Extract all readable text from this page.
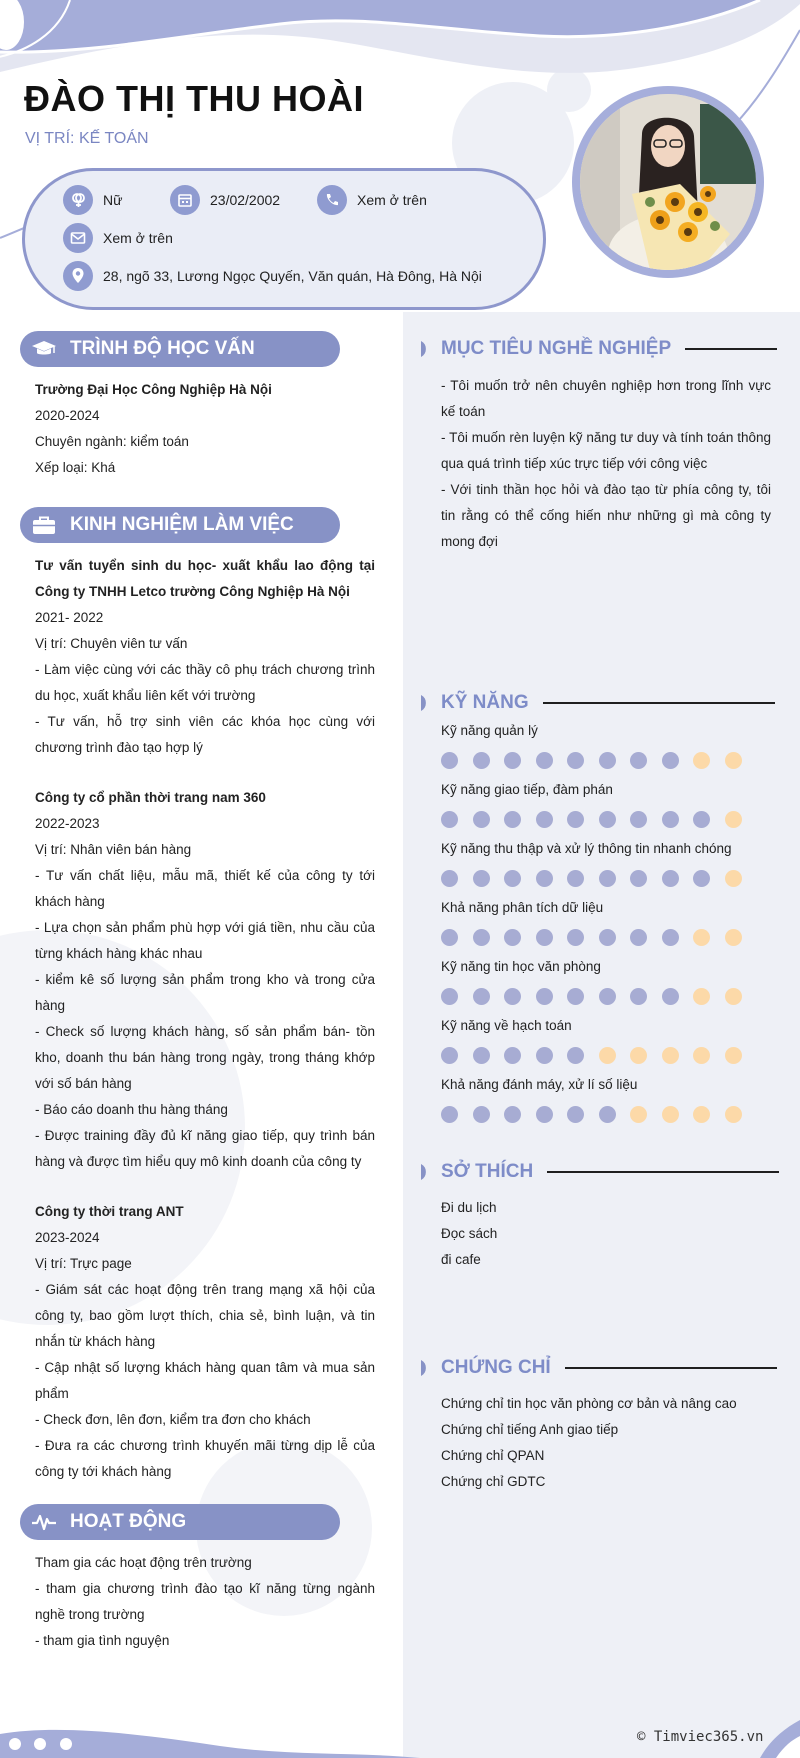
ĐÀO THỊ THU HOÀI
VỊ TRÍ: KẾ TOÁN
Nữ	23/02/2002	Xem ở trên
Xem ở trên
28, ngõ 33, Lương Ngọc Quyến, Văn quán, Hà Đông, Hà Nội
TRÌNH ĐỘ HỌC VẤN

Trường Đại Học Công Nghiệp Hà Nội

2020-2024

Chuyên ngành: kiểm toán

Xếp loại: Khá

KINH NGHIỆM LÀM VIỆC

Tư vấn tuyển sinh du học- xuất khẩu lao động tại Công ty TNHH Letco trường Công Nghiệp Hà Nội

2021- 2022

Vị trí: Chuyên viên tư vấn

- Làm việc cùng với các thầy cô phụ trách chương trình du học, xuất khẩu liên kết với trường

- Tư vấn, hỗ trợ sinh viên các khóa học cùng với chương trình đào tạo hợp lý

Công ty cổ phần thời trang nam 360

2022-2023

Vị trí: Nhân viên bán hàng

- Tư vấn chất liệu, mẫu mã, thiết kế của công ty tới khách hàng

- Lựa chọn sản phẩm phù hợp với giá tiền, nhu cầu của từng khách hàng khác nhau

- kiểm kê số lượng sản phẩm trong kho và trong cửa hàng

- Check số lượng khách hàng, số sản phẩm bán- tồn kho, doanh thu bán hàng trong ngày, trong tháng khớp với số bán hàng

- Báo cáo doanh thu hàng tháng

- Được training đầy đủ kĩ năng giao tiếp, quy trình bán hàng và được tìm hiểu quy mô kinh doanh của công ty

Công ty thời trang ANT

2023-2024

Vị trí: Trực page

- Giám sát các hoạt động trên trang mạng xã hội của công ty, bao gồm lượt thích, chia sẻ, bình luận, và tin nhắn từ khách hàng

- Cập nhật số lượng khách hàng quan tâm và mua sản phẩm

- Check đơn, lên đơn, kiểm tra đơn cho khách

- Đưa ra các chương trình khuyến mãi từng dịp lễ của công ty tới khách hàng

HOẠT ĐỘNG

Tham gia các hoạt động trên trường

- tham gia chương trình đào tạo kĩ năng từng ngành nghề trong trường

- tham gia tình nguyện

MỤC TIÊU NGHỀ NGHIỆP

- Tôi muốn trở nên chuyên nghiệp hơn trong lĩnh vực kế toán

- Tôi muốn rèn luyện kỹ năng tư duy và tính toán thông qua quá trình tiếp xúc trực tiếp với công việc

- Với tinh thần học hỏi và đào tạo từ phía công ty, tôi tin rằng có thể cống hiến như những gì mà công ty mong đợi

KỸ NĂNG
Kỹ năng quản lý
Kỹ năng giao tiếp, đàm phán
Kỹ năng thu thập và xử lý thông tin nhanh chóng
Khả năng phân tích dữ liệu
Kỹ năng tin học văn phòng
Kỹ năng về hạch toán
Khả năng đánh máy, xử lí số liệu
SỞ THÍCH

Đi du lịch

Đọc sách

đi cafe

CHỨNG CHỈ

Chứng chỉ tin học văn phòng cơ bản và nâng cao

Chứng chỉ tiếng Anh giao tiếp

Chứng chỉ QPAN

Chứng chỉ GDTC

© Timviec365.vn
